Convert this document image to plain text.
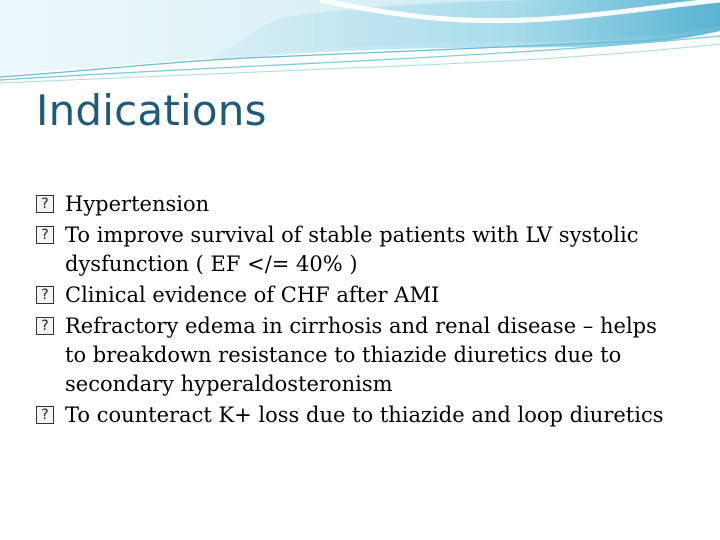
Indications
? Hypertension
? To improve survival of stable patients with LV systolic dysfunction ( EF </= 40% )
? Clinical evidence of CHF after AMI
? Refractory edema in cirrhosis and renal disease – helps to breakdown resistance to thiazide diuretics due to secondary hyperaldosteronism
? To counteract K+ loss due to thiazide and loop diuretics
